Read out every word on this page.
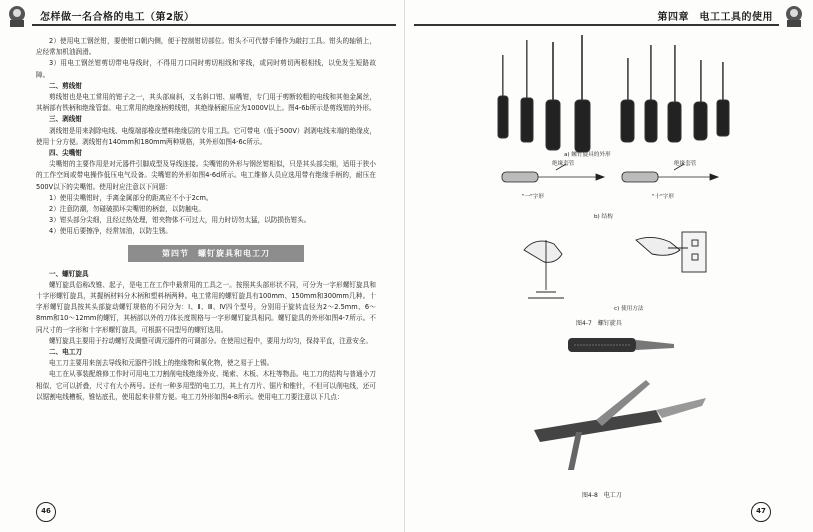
怎样做一名合格的电工（第2版）

2）使用电工钢丝钳，要使钳口朝内侧，便于控制钳切部位。钳头不可代替手锤作为敲打工具。钳头的轴销上，应经常加机油润滑。

3）用电工钢丝钳剪切带电导线时，不得用刀口同时剪切相线和零线，或同时剪切两根相线，以免发生短路故障。

二、剪线钳

剪线钳也是电工常用的钳子之一，其头部扁斜，又名斜口钳、扁嘴钳，专门用于剪断较粗的电线和其他金属丝，其柄部有铁柄和绝缘管套。电工常用的绝缘柄剪线钳，其绝缘柄耐压应为1000V以上。图4-6b所示是剪线钳的外形。

三、剥线钳

剥线钳是用来剥除电线、电缆端部橡皮塑料绝缘层的专用工具。它可带电（低于500V）剥剥电线末端的绝缘皮，使用十分方便。剥线钳有140mm和180mm两种规格，其外形如图4-6c所示。

四、尖嘴钳

尖嘴钳的主要作用是对元器件引脚成型及导线连接。尖嘴钳的外形与钢丝钳相似，只是其头部尖细，适用于狭小的工作空间或带电操作低压电气设备。尖嘴钳的外形如图4-6d所示。电工维修人员应选用带有绝缘手柄的，耐压在500V以下的尖嘴钳。使用时应注意以下问题：

1）使用尖嘴钳时，手离金属部分的距离应不小于2cm。

2）注意防潮，勿碰破损坏尖嘴钳的柄套，以防触电。

3）钳头部分尖细，且经过热处理，钳夹物体不可过大，用力时切勿太猛，以防损伤钳头。

4）使用后要擦净，经常加油，以防生锈。

第四节　螺钉旋具和电工刀

一、螺钉旋具

螺钉旋具俗称改锥、起子，是电工在工作中最常用的工具之一。按照其头部形状不同，可分为一字形螺钉旋具和十字形螺钉旋具，其握柄材料分木柄和塑料柄两种。电工常用的螺钉旋具有100mm、150mm和300mm几种。十字形螺钉旋具按其头部旋动螺钉规格的不同分为：Ⅰ、Ⅱ、Ⅲ、Ⅳ四个型号，分别用于旋转直径为2～2.5mm、6～8mm和10～12mm的螺钉，其柄部以外的刀体长度规格与一字形螺钉旋具相同。螺钉旋具的外形如图4-7所示。不同尺寸的一字形和十字形螺钉旋具，可根据不同型号的螺钉选用。

螺钉旋具主要用于拧动螺钉及调整可调元器件的可调部分。在使用过程中，要用力均匀，保持平直，注意安全。

二、电工刀

电工刀主要用来剖去导线和元器件引线上的绝缘物和氧化物，使之易于上锡。

电工在从事装配维修工作时可用电工刀割削电线绝缘外皮、绳索、木板、木柱等物品。电工刀的结构与普通小刀相似，它可以折叠，尺寸有大小两号。还有一种多用型的电工刀，其上有刀片、锯片和锥针，不但可以削电线，还可以锯割电线槽板，锥钻底孔，使用起来非常方便。电工刀外形如图4-8所示。使用电工刀要注意以下几点：

46
第四章　电工工具的使用
a) 螺钉旋具的外形
绝缘套管	绝缘套管
"一"字形	"十"字形
b) 结构
c) 使用方法
图4-7　螺钉旋具
图4-8　电工刀
47
